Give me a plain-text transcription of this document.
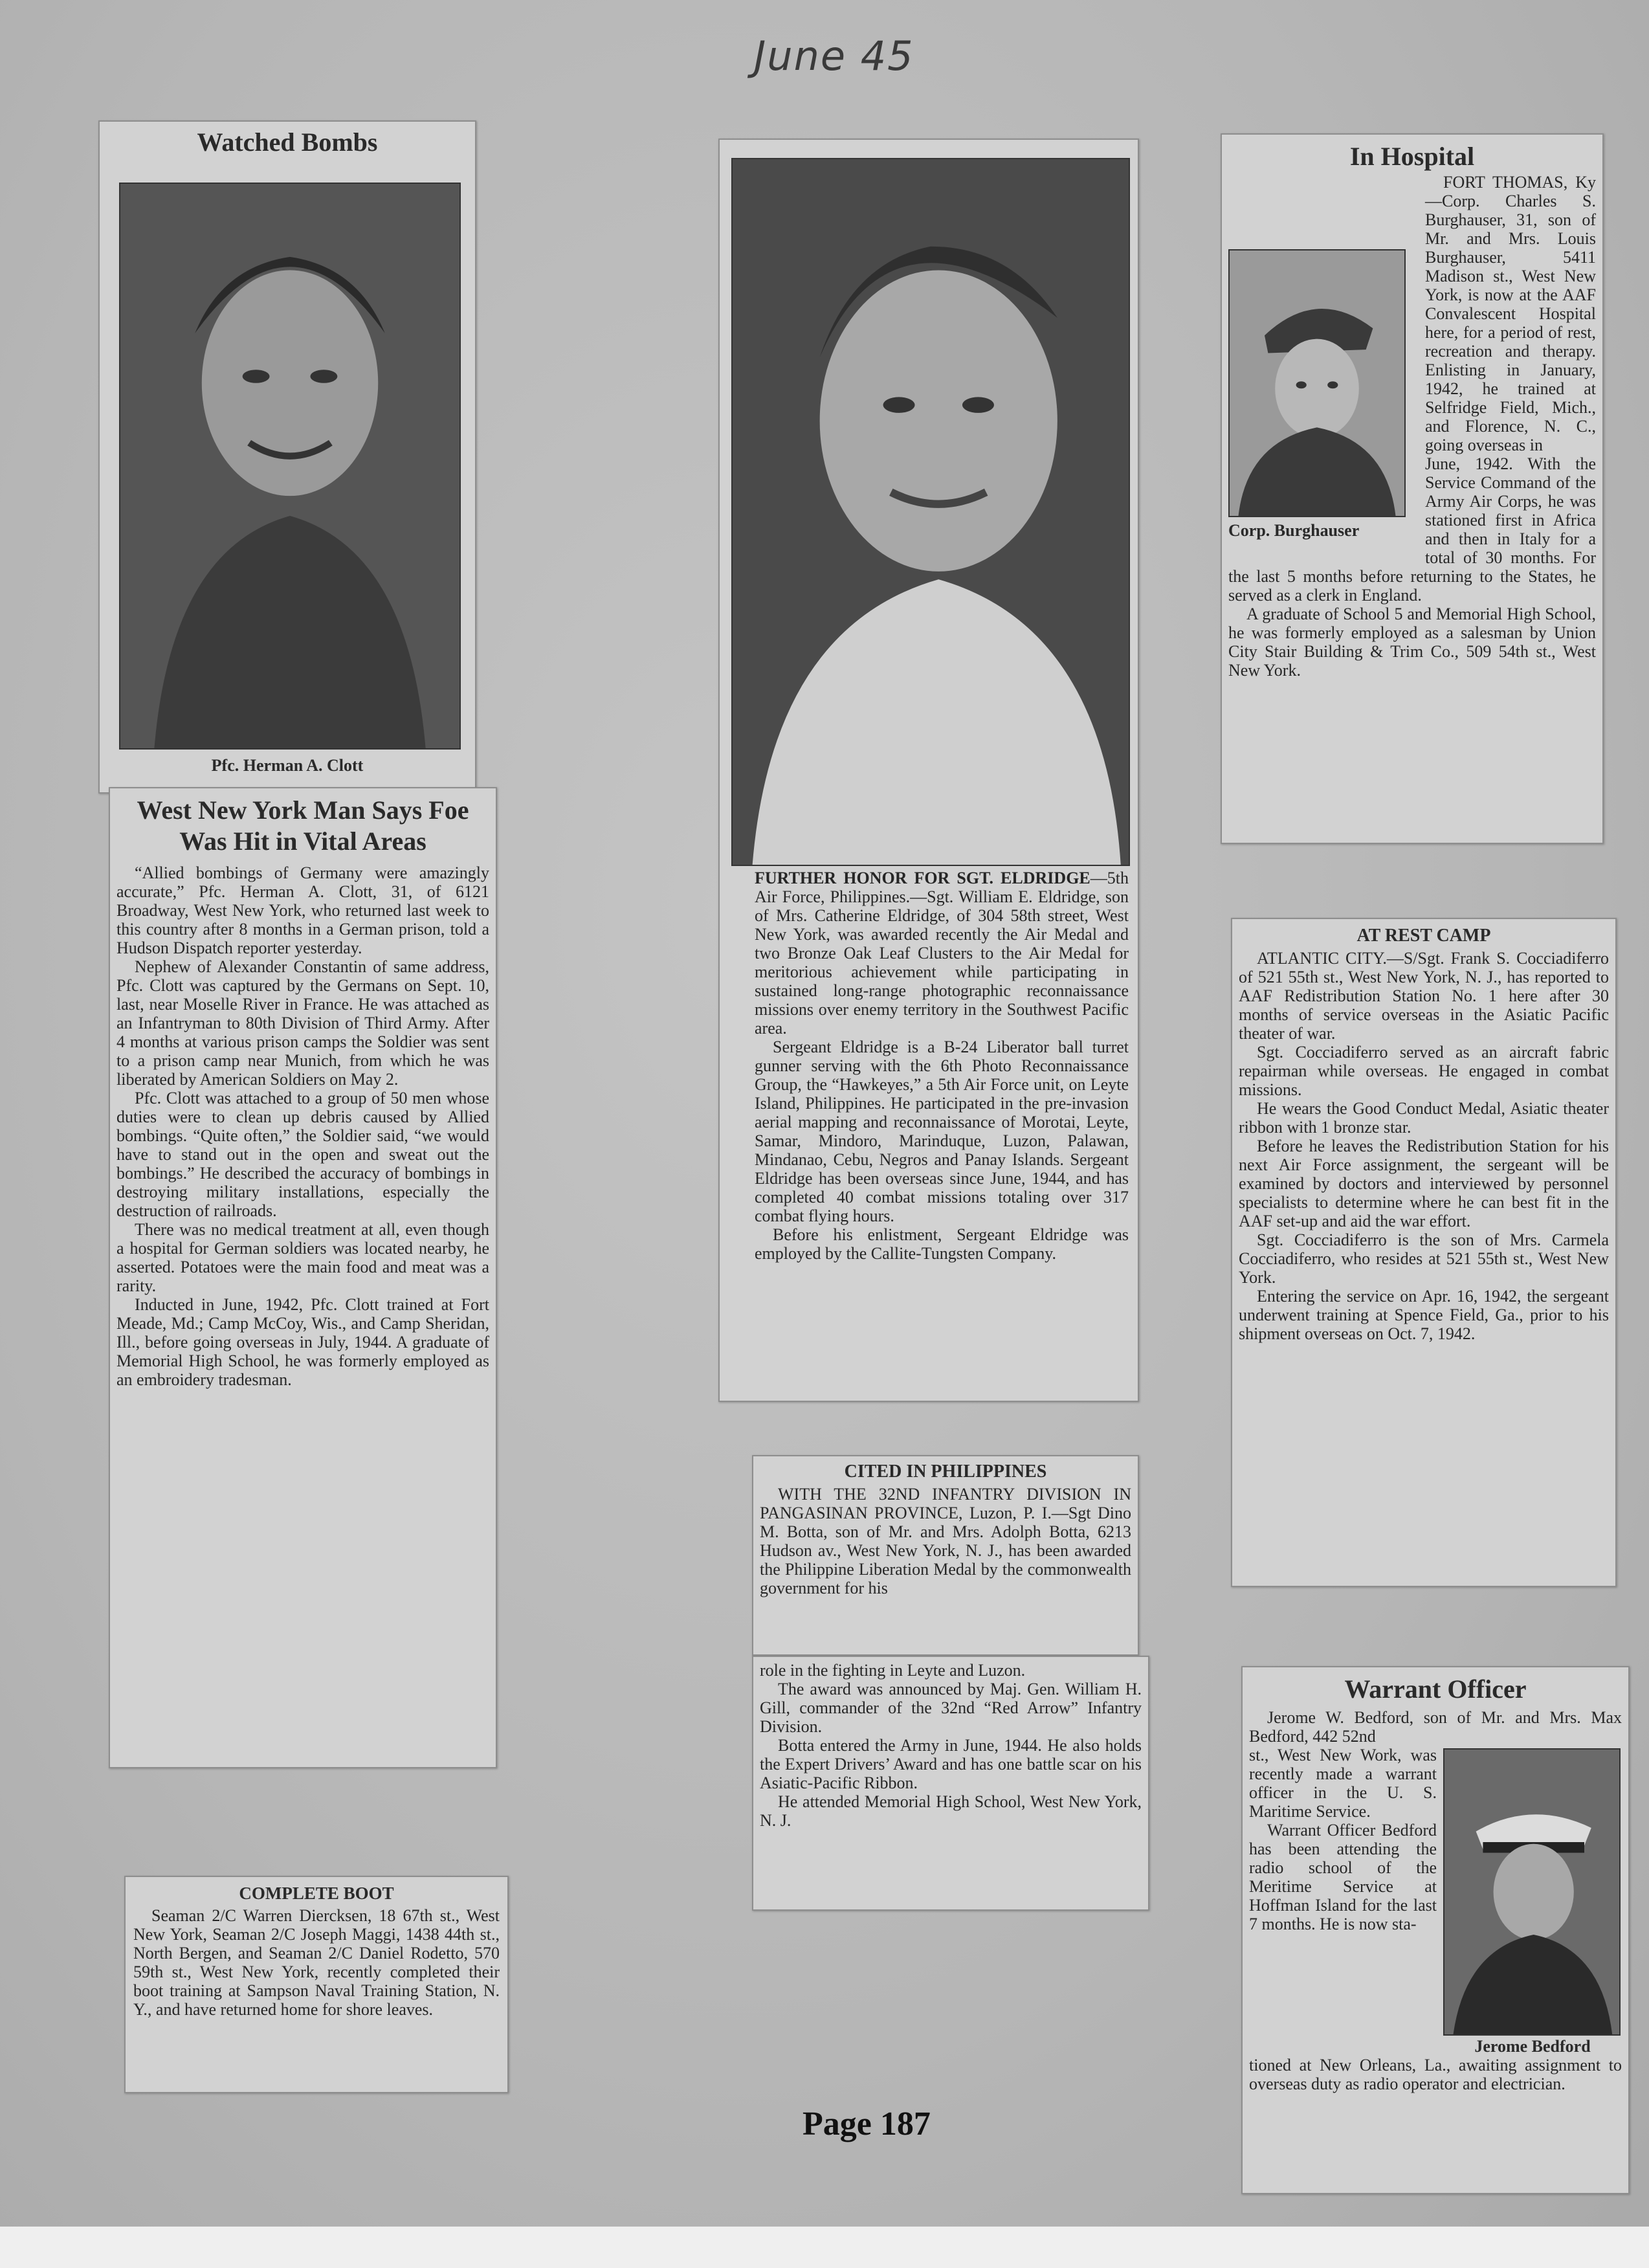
June 45
Watched Bombs
Pfc. Herman A. Clott
West New York Man Says Foe Was Hit in Vital Areas

“Allied bombings of Germany were amazingly accurate,” Pfc. Herman A. Clott, 31, of 6121 Broadway, West New York, who returned last week to this country after 8 months in a German prison, told a Hudson Dispatch reporter yesterday.

Nephew of Alexander Constantin of same address, Pfc. Clott was captured by the Germans on Sept. 10, last, near Moselle River in France. He was attached as an Infantryman to 80th Division of Third Army. After 4 months at various prison camps the Soldier was sent to a prison camp near Munich, from which he was liberated by American Soldiers on May 2.

Pfc. Clott was attached to a group of 50 men whose duties were to clean up debris caused by Allied bombings. “Quite often,” the Soldier said, “we would have to stand out in the open and sweat out the bombings.” He described the accuracy of bombings in destroying military installations, especially the destruction of railroads.

There was no medical treatment at all, even though a hospital for German soldiers was located nearby, he asserted. Potatoes were the main food and meat was a rarity.

Inducted in June, 1942, Pfc. Clott trained at Fort Meade, Md.; Camp McCoy, Wis., and Camp Sheridan, Ill., before going overseas in July, 1944. A graduate of Memorial High School, he was formerly employed as an embroidery tradesman.

COMPLETE BOOT

Seaman 2/C Warren Diercksen, 18 67th st., West New York, Seaman 2/C Joseph Maggi, 1438 44th st., North Bergen, and Seaman 2/C Daniel Rodetto, 570 59th st., West New York, recently completed their boot training at Sampson Naval Training Station, N. Y., and have returned home for shore leaves.

FURTHER HONOR FOR SGT. ELDRIDGE—5th Air Force, Philippines.—Sgt. William E. Eldridge, son of Mrs. Catherine Eldridge, of 304 58th street, West New York, was awarded recently the Air Medal and two Bronze Oak Leaf Clusters to the Air Medal for meritorious achievement while participating in sustained long-range photographic reconnaissance missions over enemy territory in the Southwest Pacific area.

Sergeant Eldridge is a B-24 Liberator ball turret gunner serving with the 6th Photo Reconnaissance Group, the “Hawkeyes,” a 5th Air Force unit, on Leyte Island, Philippines. He participated in the pre-invasion aerial mapping and reconnaissance of Morotai, Leyte, Samar, Mindoro, Marinduque, Luzon, Palawan, Mindanao, Cebu, Negros and Panay Islands. Sergeant Eldridge has been overseas since June, 1944, and has completed 40 combat missions totaling over 317 combat flying hours.

Before his enlistment, Sergeant Eldridge was employed by the Callite-Tungsten Company.

CITED IN PHILIPPINES

WITH THE 32ND INFANTRY DIVISION IN PANGASINAN PROVINCE, Luzon, P. I.—Sgt Dino M. Botta, son of Mr. and Mrs. Adolph Botta, 6213 Hudson av., West New York, N. J., has been awarded the Philippine Liberation Medal by the commonwealth government for his

role in the fighting in Leyte and Luzon.

The award was announced by Maj. Gen. William H. Gill, commander of the 32nd “Red Arrow” Infantry Division.

Botta entered the Army in June, 1944. He also holds the Expert Drivers’ Award and has one battle scar on his Asiatic-Pacific Ribbon.

He attended Memorial High School, West New York, N. J.

In Hospital
Corp. Burghauser

FORT THOMAS, Ky—Corp. Charles S. Burghauser, 31, son of Mr. and Mrs. Louis Burghauser, 5411 Madison st., West New York, is now at the AAF Convalescent Hospital here, for a period of rest, recreation and therapy. Enlisting in January, 1942, he trained at Selfridge Field, Mich., and Florence, N. C., going overseas in

June, 1942. With the Service Command of the Army Air Corps, he was stationed first in Africa and then in Italy for a total of 30 months. For the last 5 months before returning to the States, he served as a clerk in England.

A graduate of School 5 and Memorial High School, he was formerly employed as a salesman by Union City Stair Building & Trim Co., 509 54th st., West New York.

AT REST CAMP

ATLANTIC CITY.—S/Sgt. Frank S. Cocciadiferro of 521 55th st., West New York, N. J., has reported to AAF Redistribution Station No. 1 here after 30 months of service overseas in the Asiatic Pacific theater of war.

Sgt. Cocciadiferro served as an aircraft fabric repairman while overseas. He engaged in combat missions.

He wears the Good Conduct Medal, Asiatic theater ribbon with 1 bronze star.

Before he leaves the Redistribution Station for his next Air Force assignment, the sergeant will be examined by doctors and interviewed by personnel specialists to determine where he can best fit in the AAF set-up and aid the war effort.

Sgt. Cocciadiferro is the son of Mrs. Carmela Cocciadiferro, who resides at 521 55th st., West New York.

Entering the service on Apr. 16, 1942, the sergeant underwent training at Spence Field, Ga., prior to his shipment overseas on Oct. 7, 1942.

Warrant Officer

Jerome W. Bedford, son of Mr. and Mrs. Max Bedford, 442 52nd

Jerome Bedford

st., West New Work, was recently made a warrant officer in the U. S. Maritime Service.

Warrant Officer Bedford has been attending the radio school of the Meritime Service at Hoffman Island for the last 7 months. He is now sta-

tioned at New Orleans, La., awaiting assignment to overseas duty as radio operator and electrician.

Page 187
